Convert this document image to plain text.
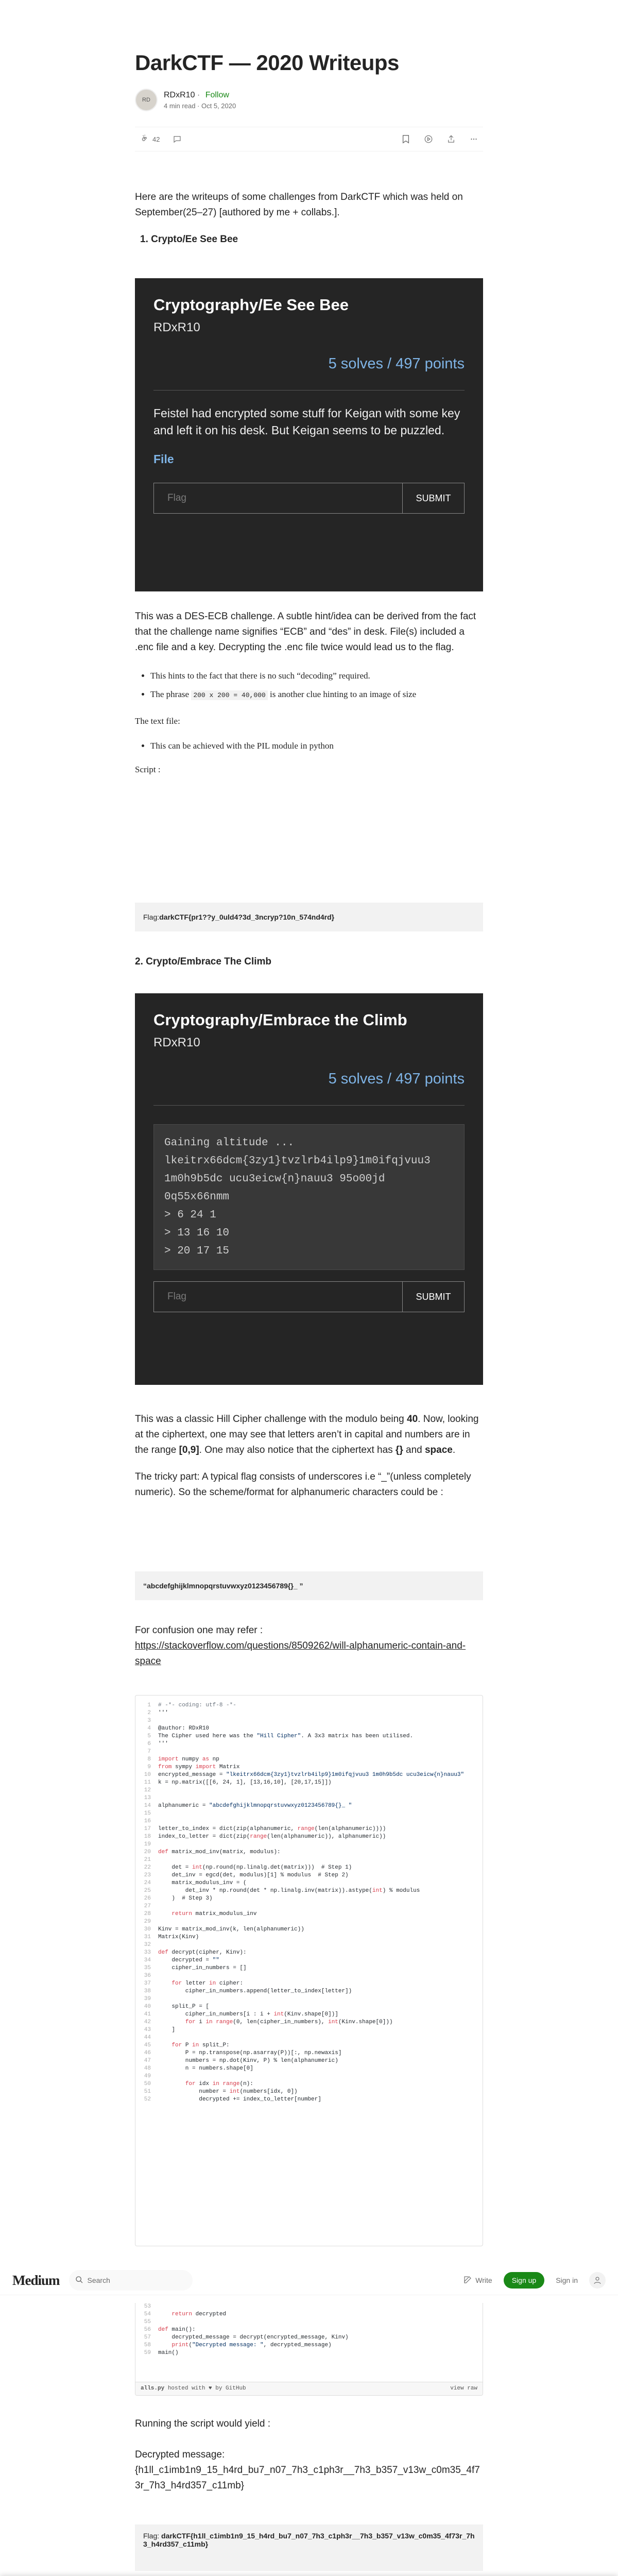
DarkCTF — 2020 Writeups
RD
RDxR10 · Follow
4 min read · Oct 5, 2020
42

Here are the writeups of some challenges from DarkCTF which was held on September(25–27) [authored by me + collabs.].

1. Crypto/Ee See Bee

Cryptography/Ee See Bee
RDxR10
5 solves / 497 points
Feistel had encrypted some stuff for Keigan with some key and left it on his desk. But Keigan seems to be puzzled.
File
Flag	SUBMIT

This was a DES-ECB challenge. A subtle hint/idea can be derived from the fact that the challenge name signifies “ECB” and “des” in desk. File(s) included a .enc file and a key. Decrypting the .enc file twice would lead us to the flag.

• This hints to the fact that there is no such “decoding” required.
• The phrase 200 x 200 = 40,000 is another clue hinting to an image of size

The text file:

• This can be achieved with the PIL module in python

Script :

Flag: darkCTF{pr1??y_0uld4?3d_3ncryp?10n_574nd4rd}

2. Crypto/Embrace The Climb

Cryptography/Embrace the Climb
RDxR10
5 solves / 497 points
Gaining altitude ...
lkeitrx66dcm{3zy1}tvzlrb4ilp9}1m0ifqjvuu3
1m0h9b5dc ucu3eicw{n}nauu3 95o00jd
0q55x66nmm
> 6 24 1
> 13 16 10
> 20 17 15
Flag	SUBMIT

This was a classic Hill Cipher challenge with the modulo being 40. Now, looking at the ciphertext, one may see that letters aren’t in capital and numbers are in the range [0,9]. One may also notice that the ciphertext has {} and space.

The tricky part: A typical flag consists of underscores i.e “_”(unless completely numeric). So the scheme/format for alphanumeric characters could be :

“abcdefghijklmnopqrstuvwxyz0123456789{}_ ”

For confusion one may refer :

https://stackoverflow.com/questions/8509262/will-alphanumeric-contain-and-space

1	# -*- coding: utf-8 -*-
2	'''
3
4	@author: RDxR10
5	The Cipher used here was the "Hill Cipher". A 3x3 matrix has been utilised.
6	'''
7
8	import numpy as np
9	from sympy import Matrix
10	encrypted_message = "lkeitrx66dcm{3zy1}tvzlrb4ilp9}1m0ifqjvuu3 1m0h9b5dc ucu3eicw{n}nauu3"
11	k = np.matrix([[6, 24, 1], [13,16,10], [20,17,15]])
12
13
14	alphanumeric = "abcdefghijklmnopqrstuvwxyz0123456789{}_ "
15
16
17	letter_to_index = dict(zip(alphanumeric, range(len(alphanumeric))))
18	index_to_letter = dict(zip(range(len(alphanumeric)), alphanumeric))
19
20	def matrix_mod_inv(matrix, modulus):
21
22	det = int(np.round(np.linalg.det(matrix)))  # Step 1)
23	det_inv = egcd(det, modulus)[1] % modulus  # Step 2)
24	matrix_modulus_inv = (
25	det_inv * np.round(det * np.linalg.inv(matrix)).astype(int) % modulus
26	)  # Step 3)
27
28	return matrix_modulus_inv
29
30	Kinv = matrix_mod_inv(k, len(alphanumeric))
31	Matrix(Kinv)
32
33	def decrypt(cipher, Kinv):
34	decrypted = ""
35	cipher_in_numbers = []
36
37	for letter in cipher:
38	cipher_in_numbers.append(letter_to_index[letter])
39
40	split_P = [
41	cipher_in_numbers[i : i + int(Kinv.shape[0])]
42	for i in range(0, len(cipher_in_numbers), int(Kinv.shape[0]))
43	]
44
45	for P in split_P:
46	P = np.transpose(np.asarray(P))[:, np.newaxis]
47	numbers = np.dot(Kinv, P) % len(alphanumeric)
48	n = numbers.shape[0]
49
50	for idx in range(n):
51	number = int(numbers[idx, 0])
52	decrypted += index_to_letter[number]
Medium	Search	Write	Sign up	Sign in
53
54	return decrypted
55
56	def main():
57	decrypted_message = decrypt(encrypted_message, Kinv)
58	print("Decrypted message: ", decrypted_message)
59	main()
alls.py hosted with ♥ by GitHub	view raw

Running the script would yield :

Decrypted message:

{h1ll_c1imb1n9_15_h4rd_bu7_n07_7h3_c1ph3r__7h3_b357_v13w_c0m35_4f73r_7h3_h4rd357_c11mb}

Flag: darkCTF{h1ll_c1imb1n9_15_h4rd_bu7_n07_7h3_c1ph3r__7h3_b357_v13w_c0m35_4f73r_7h3_h4rd357_c11mb}
